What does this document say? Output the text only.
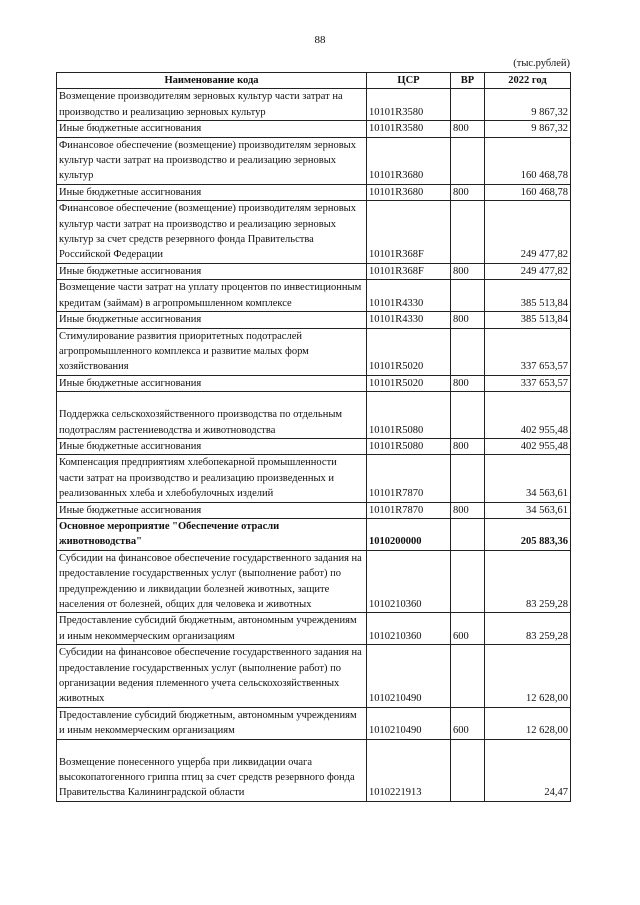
88
(тыс.рублей)
Наименование кода	ЦСР	ВР	2022 год
Возмещение производителям зерновых культур части затрат на производство и реализацию зерновых культур	10101R3580		9 867,32
Иные бюджетные ассигнования	10101R3580	800	9 867,32
Финансовое обеспечение (возмещение) производителям зерновых культур части затрат на производство и реализацию зерновых культур	10101R3680		160 468,78
Иные бюджетные ассигнования	10101R3680	800	160 468,78
Финансовое обеспечение (возмещение) производителям зерновых культур части затрат на производство и реализацию зерновых культур за счет средств резервного фонда Правительства Российской Федерации	10101R368F		249 477,82
Иные бюджетные ассигнования	10101R368F	800	249 477,82
Возмещение части затрат на уплату процентов по инвестиционным кредитам (займам) в агропромышленном комплексе	10101R4330		385 513,84
Иные бюджетные ассигнования	10101R4330	800	385 513,84
Стимулирование развития приоритетных подотраслей агропромышленного комплекса и развитие малых форм хозяйствования	10101R5020		337 653,57
Иные бюджетные ассигнования	10101R5020	800	337 653,57
Поддержка сельскохозяйственного производства по отдельным подотраслям растениеводства и животноводства	10101R5080		402 955,48
Иные бюджетные ассигнования	10101R5080	800	402 955,48
Компенсация предприятиям хлебопекарной промышленности части затрат на производство и реализацию произведенных и реализованных хлеба и хлебобулочных изделий	10101R7870		34 563,61
Иные бюджетные ассигнования	10101R7870	800	34 563,61
Основное мероприятие "Обеспечение отрасли животноводства"	1010200000		205 883,36
Субсидии на финансовое обеспечение государственного задания на предоставление государственных услуг (выполнение работ) по предупреждению и ликвидации болезней животных, защите населения от болезней, общих для человека и животных	1010210360		83 259,28
Предоставление субсидий бюджетным, автономным учреждениям и иным некоммерческим организациям	1010210360	600	83 259,28
Субсидии на финансовое обеспечение государственного задания на предоставление государственных услуг (выполнение работ) по организации ведения племенного учета сельскохозяйственных животных	1010210490		12 628,00
Предоставление субсидий бюджетным, автономным учреждениям и иным некоммерческим организациям	1010210490	600	12 628,00
Возмещение понесенного ущерба при ликвидации очага высокопатогенного гриппа птиц за счет средств резервного фонда Правительства Калининградской области	1010221913		24,47
